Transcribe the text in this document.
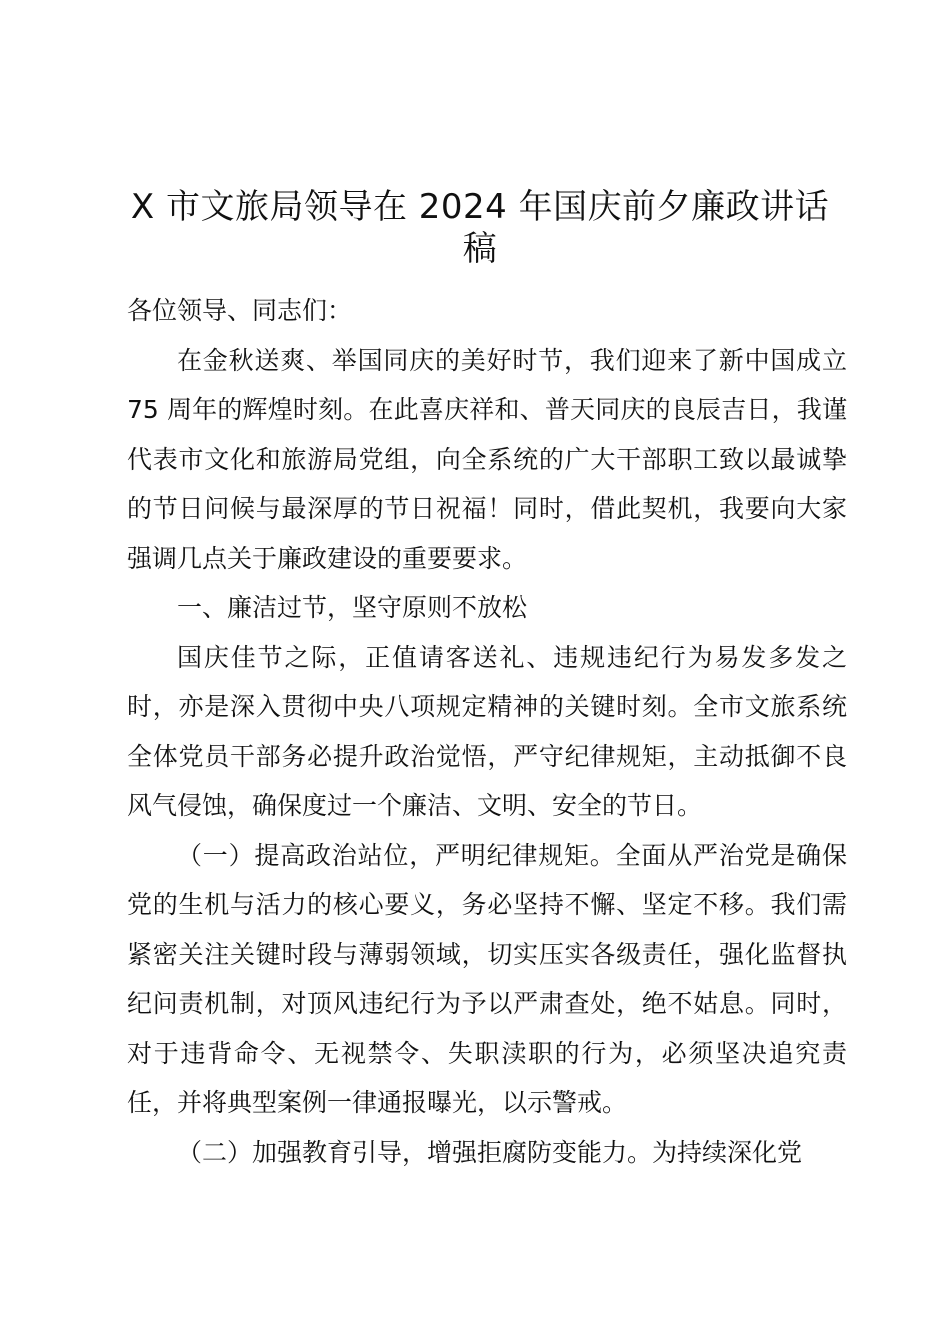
X 市文旅局领导在 2024 年国庆前夕廉政讲话稿

各位领导、同志们：

在金秋送爽、举国同庆的美好时节，我们迎来了新中国成立 75 周年的辉煌时刻。在此喜庆祥和、普天同庆的良辰吉日，我谨代表市文化和旅游局党组，向全系统的广大干部职工致以最诚挚的节日问候与最深厚的节日祝福！同时，借此契机，我要向大家强调几点关于廉政建设的重要要求。

一、廉洁过节，坚守原则不放松

国庆佳节之际，正值请客送礼、违规违纪行为易发多发之时，亦是深入贯彻中央八项规定精神的关键时刻。全市文旅系统全体党员干部务必提升政治觉悟，严守纪律规矩，主动抵御不良风气侵蚀，确保度过一个廉洁、文明、安全的节日。

（一）提高政治站位，严明纪律规矩。全面从严治党是确保党的生机与活力的核心要义，务必坚持不懈、坚定不移。我们需紧密关注关键时段与薄弱领域，切实压实各级责任，强化监督执纪问责机制，对顶风违纪行为予以严肃查处，绝不姑息。同时，对于违背命令、无视禁令、失职渎职的行为，必须坚决追究责任，并将典型案例一律通报曝光，以示警戒。

（二）加强教育引导，增强拒腐防变能力。为持续深化党
